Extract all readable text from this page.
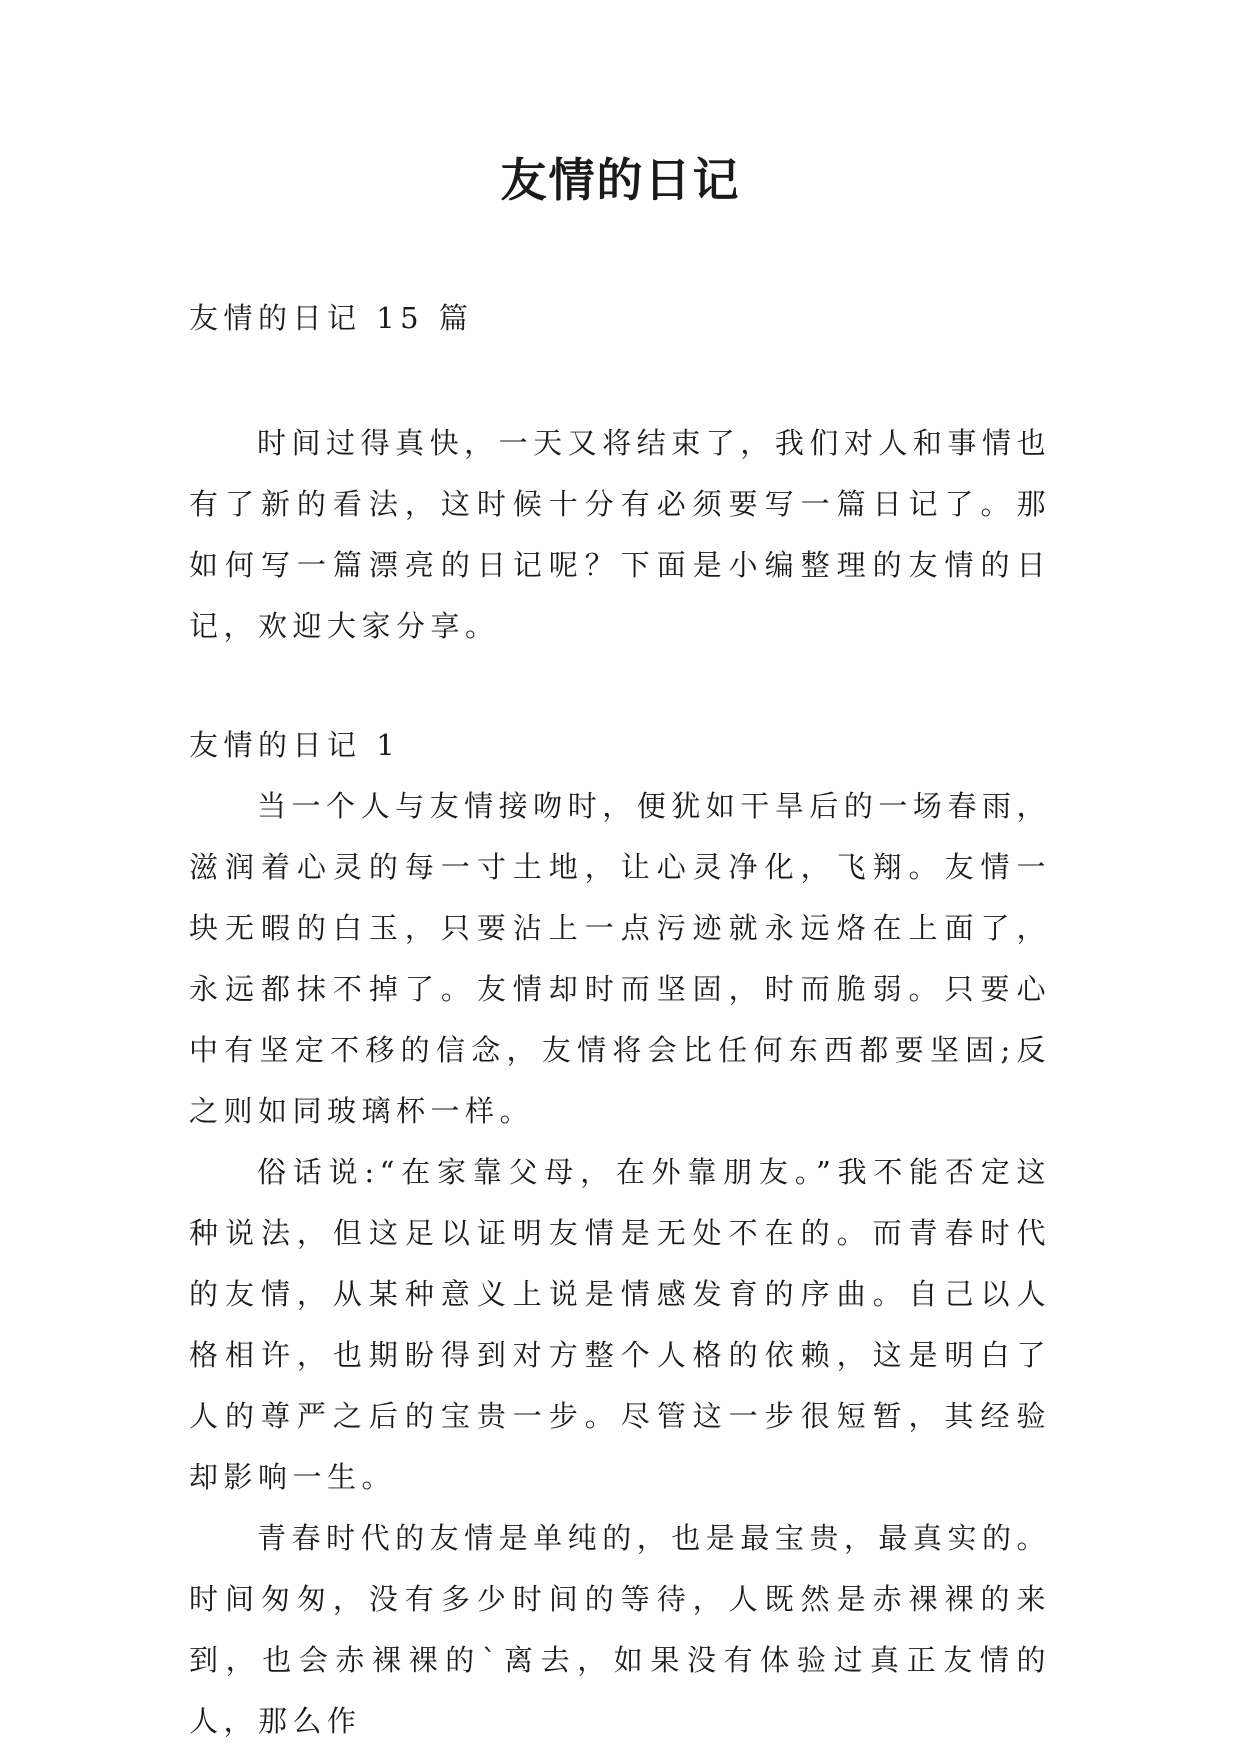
友情的日记

友情的日记 15 篇

时间过得真快，一天又将结束了，我们对人和事情也有了新的看法，这时候十分有必须要写一篇日记了。那如何写一篇漂亮的日记呢？下面是小编整理的友情的日记，欢迎大家分享。

友情的日记 1

当一个人与友情接吻时，便犹如干旱后的一场春雨，滋润着心灵的每一寸土地，让心灵净化，飞翔。友情一块无暇的白玉，只要沾上一点污迹就永远烙在上面了，永远都抹不掉了。友情却时而坚固，时而脆弱。只要心中有坚定不移的信念，友情将会比任何东西都要坚固;反之则如同玻璃杯一样。

俗话说:“在家靠父母，在外靠朋友。”我不能否定这种说法，但这足以证明友情是无处不在的。而青春时代的友情，从某种意义上说是情感发育的序曲。自己以人格相许，也期盼得到对方整个人格的依赖，这是明白了人的尊严之后的宝贵一步。尽管这一步很短暂，其经验却影响一生。

青春时代的友情是单纯的，也是最宝贵，最真实的。时间匆匆，没有多少时间的等待，人既然是赤裸裸的来到，也会赤裸裸的`离去，如果没有体验过真正友情的人，那么作
